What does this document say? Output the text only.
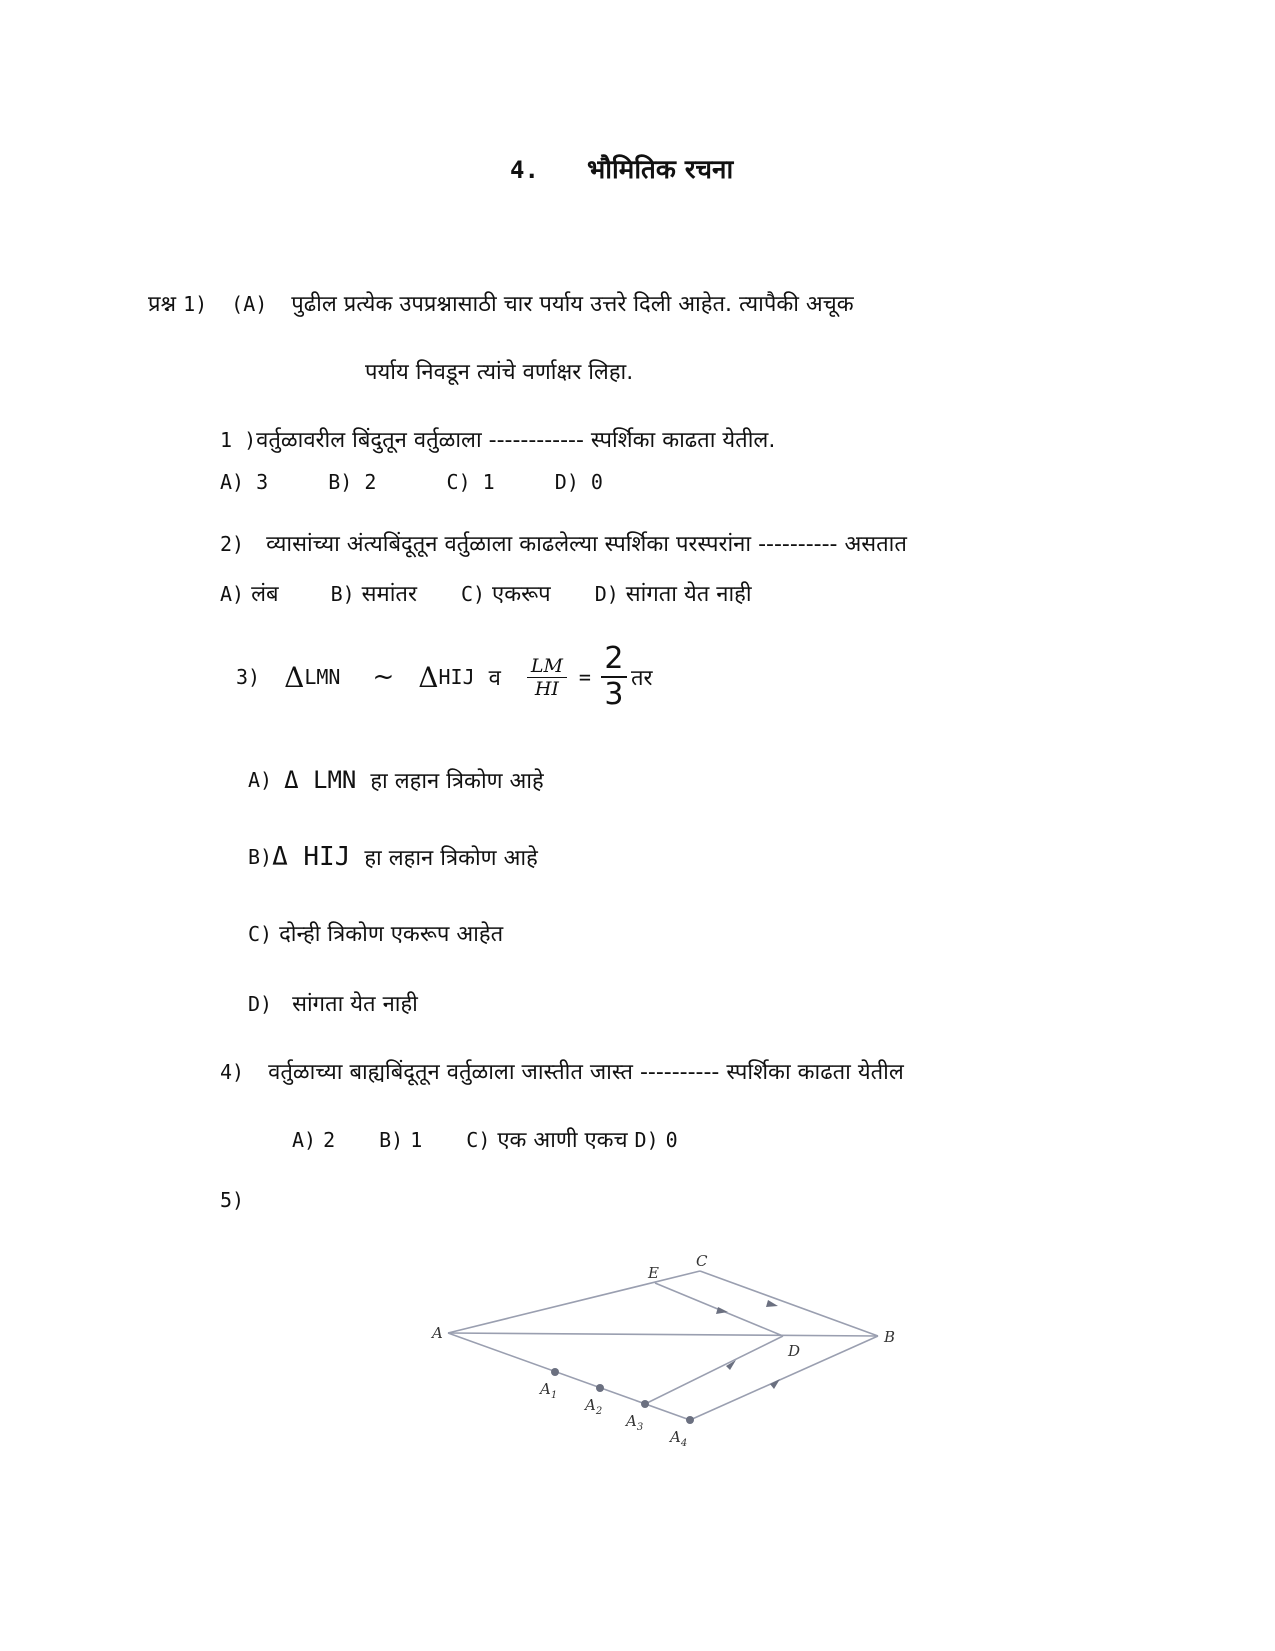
4. भौमितिक रचना
प्रश्न 1) (A) पुढील प्रत्येक उपप्रश्नासाठी चार पर्याय उत्तरे दिली आहेत. त्यापैकी अचूक
पर्याय निवडून त्यांचे वर्णाक्षर लिहा.
1 )वर्तुळावरील बिंदुतून वर्तुळाला ------------ स्पर्शिका काढता येतील.
A) 3	B) 2	C) 1	D) 0
2) व्यासांच्या अंत्यबिंदूतून वर्तुळाला काढलेल्या स्पर्शिका परस्परांना ---------- असतात
A) लंब	B) समांतर C) एकरूप D) सांगता येत नाही
3) Δ LMN ~ Δ HIJ व $\frac{LM}{HI}$ =
2
3 तर
A) Δ LMN हा लहान त्रिकोण आहे
B) Δ HIJ हा लहान त्रिकोण आहे
C) दोन्ही त्रिकोण एकरूप आहेत
D) सांगता येत नाही
4) वर्तुळाच्या बाह्यबिंदूतून वर्तुळाला जास्तीत जास्त ---------- स्पर्शिका काढता येतील
A) 2 B) 1 C) एक आणी एकच D) 0
5)
A	B
C
D
E
$A_1$
$A_2$
$A_3$
$A_4$
